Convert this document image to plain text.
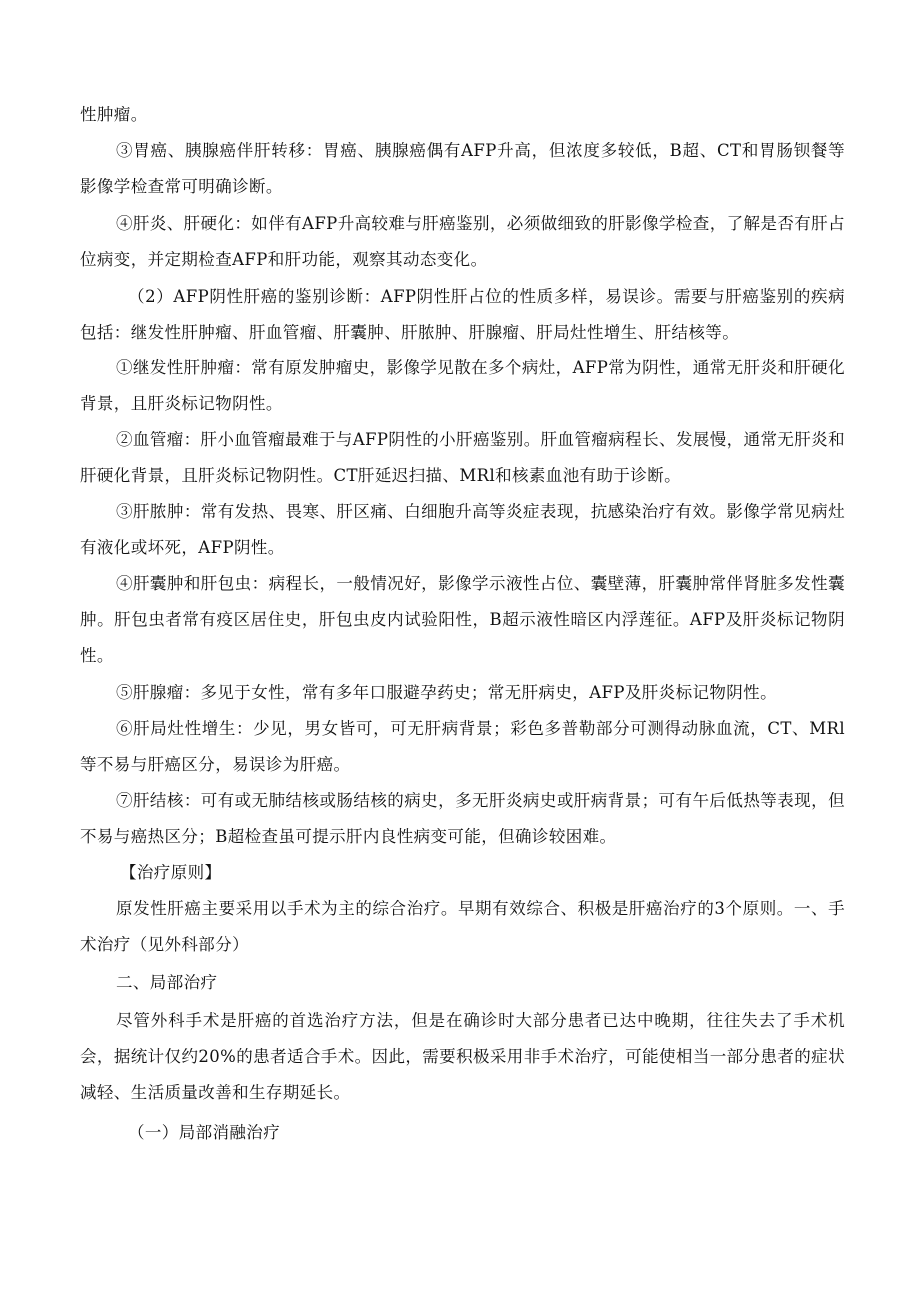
性肿瘤。

③胃癌、胰腺癌伴肝转移：胃癌、胰腺癌偶有AFP升高，但浓度多较低，B超、CT和胃肠钡餐等影像学检查常可明确诊断。

④肝炎、肝硬化：如伴有AFP升高较难与肝癌鉴别，必须做细致的肝影像学检查，了解是否有肝占位病变，并定期检查AFP和肝功能，观察其动态变化。

（2）AFP阴性肝癌的鉴别诊断：AFP阴性肝占位的性质多样，易误诊。需要与肝癌鉴别的疾病包括：继发性肝肿瘤、肝血管瘤、肝囊肿、肝脓肿、肝腺瘤、肝局灶性增生、肝结核等。

①继发性肝肿瘤：常有原发肿瘤史，影像学见散在多个病灶，AFP常为阴性，通常无肝炎和肝硬化背景，且肝炎标记物阴性。

②血管瘤：肝小血管瘤最难于与AFP阴性的小肝癌鉴别。肝血管瘤病程长、发展慢，通常无肝炎和肝硬化背景，且肝炎标记物阴性。CT肝延迟扫描、MRl和核素血池有助于诊断。

③肝脓肿：常有发热、畏寒、肝区痛、白细胞升高等炎症表现，抗感染治疗有效。影像学常见病灶有液化或坏死，AFP阴性。

④肝囊肿和肝包虫：病程长，一般情况好，影像学示液性占位、囊壁薄，肝囊肿常伴肾脏多发性囊肿。肝包虫者常有疫区居住史，肝包虫皮内试验阳性，B超示液性暗区内浮莲征。AFP及肝炎标记物阴性。

⑤肝腺瘤：多见于女性，常有多年口服避孕药史；常无肝病史，AFP及肝炎标记物阴性。

⑥肝局灶性增生：少见，男女皆可，可无肝病背景；彩色多普勒部分可测得动脉血流，CT、MRl等不易与肝癌区分，易误诊为肝癌。

⑦肝结核：可有或无肺结核或肠结核的病史，多无肝炎病史或肝病背景；可有午后低热等表现，但不易与癌热区分；B超检查虽可提示肝内良性病变可能，但确诊较困难。

【治疗原则】

原发性肝癌主要采用以手术为主的综合治疗。早期有效综合、积极是肝癌治疗的3个原则。一、手术治疗（见外科部分）

二、局部治疗

尽管外科手术是肝癌的首选治疗方法，但是在确诊时大部分患者已达中晚期，往往失去了手术机会，据统计仅约20%的患者适合手术。因此，需要积极采用非手术治疗，可能使相当一部分患者的症状减轻、生活质量改善和生存期延长。

（一）局部消融治疗
